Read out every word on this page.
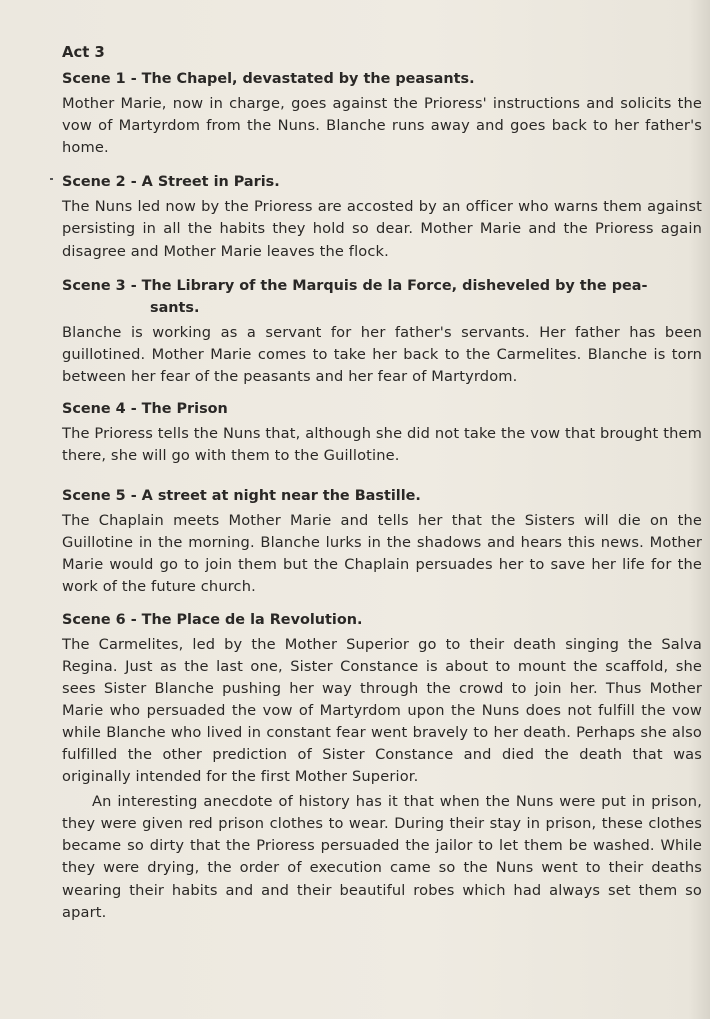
Act 3
Scene 1 - The Chapel, devastated by the peasants.

Mother Marie, now in charge, goes against the Prioress' instructions and solicits the vow of Martyrdom from the Nuns. Blanche runs away and goes back to her father's home.

Scene 2 - A Street in Paris.

The Nuns led now by the Prioress are accosted by an officer who warns them against persisting in all the habits they hold so dear. Mother Marie and the Prioress again disagree and Mother Marie leaves the flock.

Scene 3 - The Library of the Marquis de la Force, disheveled by the pea-
sants.

Blanche is working as a servant for her father's servants. Her father has been guillotined. Mother Marie comes to take her back to the Carmelites. Blanche is torn between her fear of the peasants and her fear of Martyrdom.

Scene 4 - The Prison

The Prioress tells the Nuns that, although she did not take the vow that brought them there, she will go with them to the Guillotine.

Scene 5 - A street at night near the Bastille.

The Chaplain meets Mother Marie and tells her that the Sisters will die on the Guillotine in the morning. Blanche lurks in the shadows and hears this news. Mother Marie would go to join them but the Chaplain persuades her to save her life for the work of the future church.

Scene 6 - The Place de la Revolution.

The Carmelites, led by the Mother Superior go to their death singing the Salva Regina. Just as the last one, Sister Constance is about to mount the scaffold, she sees Sister Blanche pushing her way through the crowd to join her. Thus Mother Marie who persuaded the vow of Martyrdom upon the Nuns does not fulfill the vow while Blanche who lived in constant fear went bravely to her death. Perhaps she also fulfilled the other prediction of Sister Constance and died the death that was originally intended for the first Mother Superior.

An interesting anecdote of history has it that when the Nuns were put in prison, they were given red prison clothes to wear. During their stay in prison, these clothes became so dirty that the Prioress persuaded the jailor to let them be washed. While they were drying, the order of execution came so the Nuns went to their deaths wearing their habits and and their beautiful robes which had always set them so apart.
